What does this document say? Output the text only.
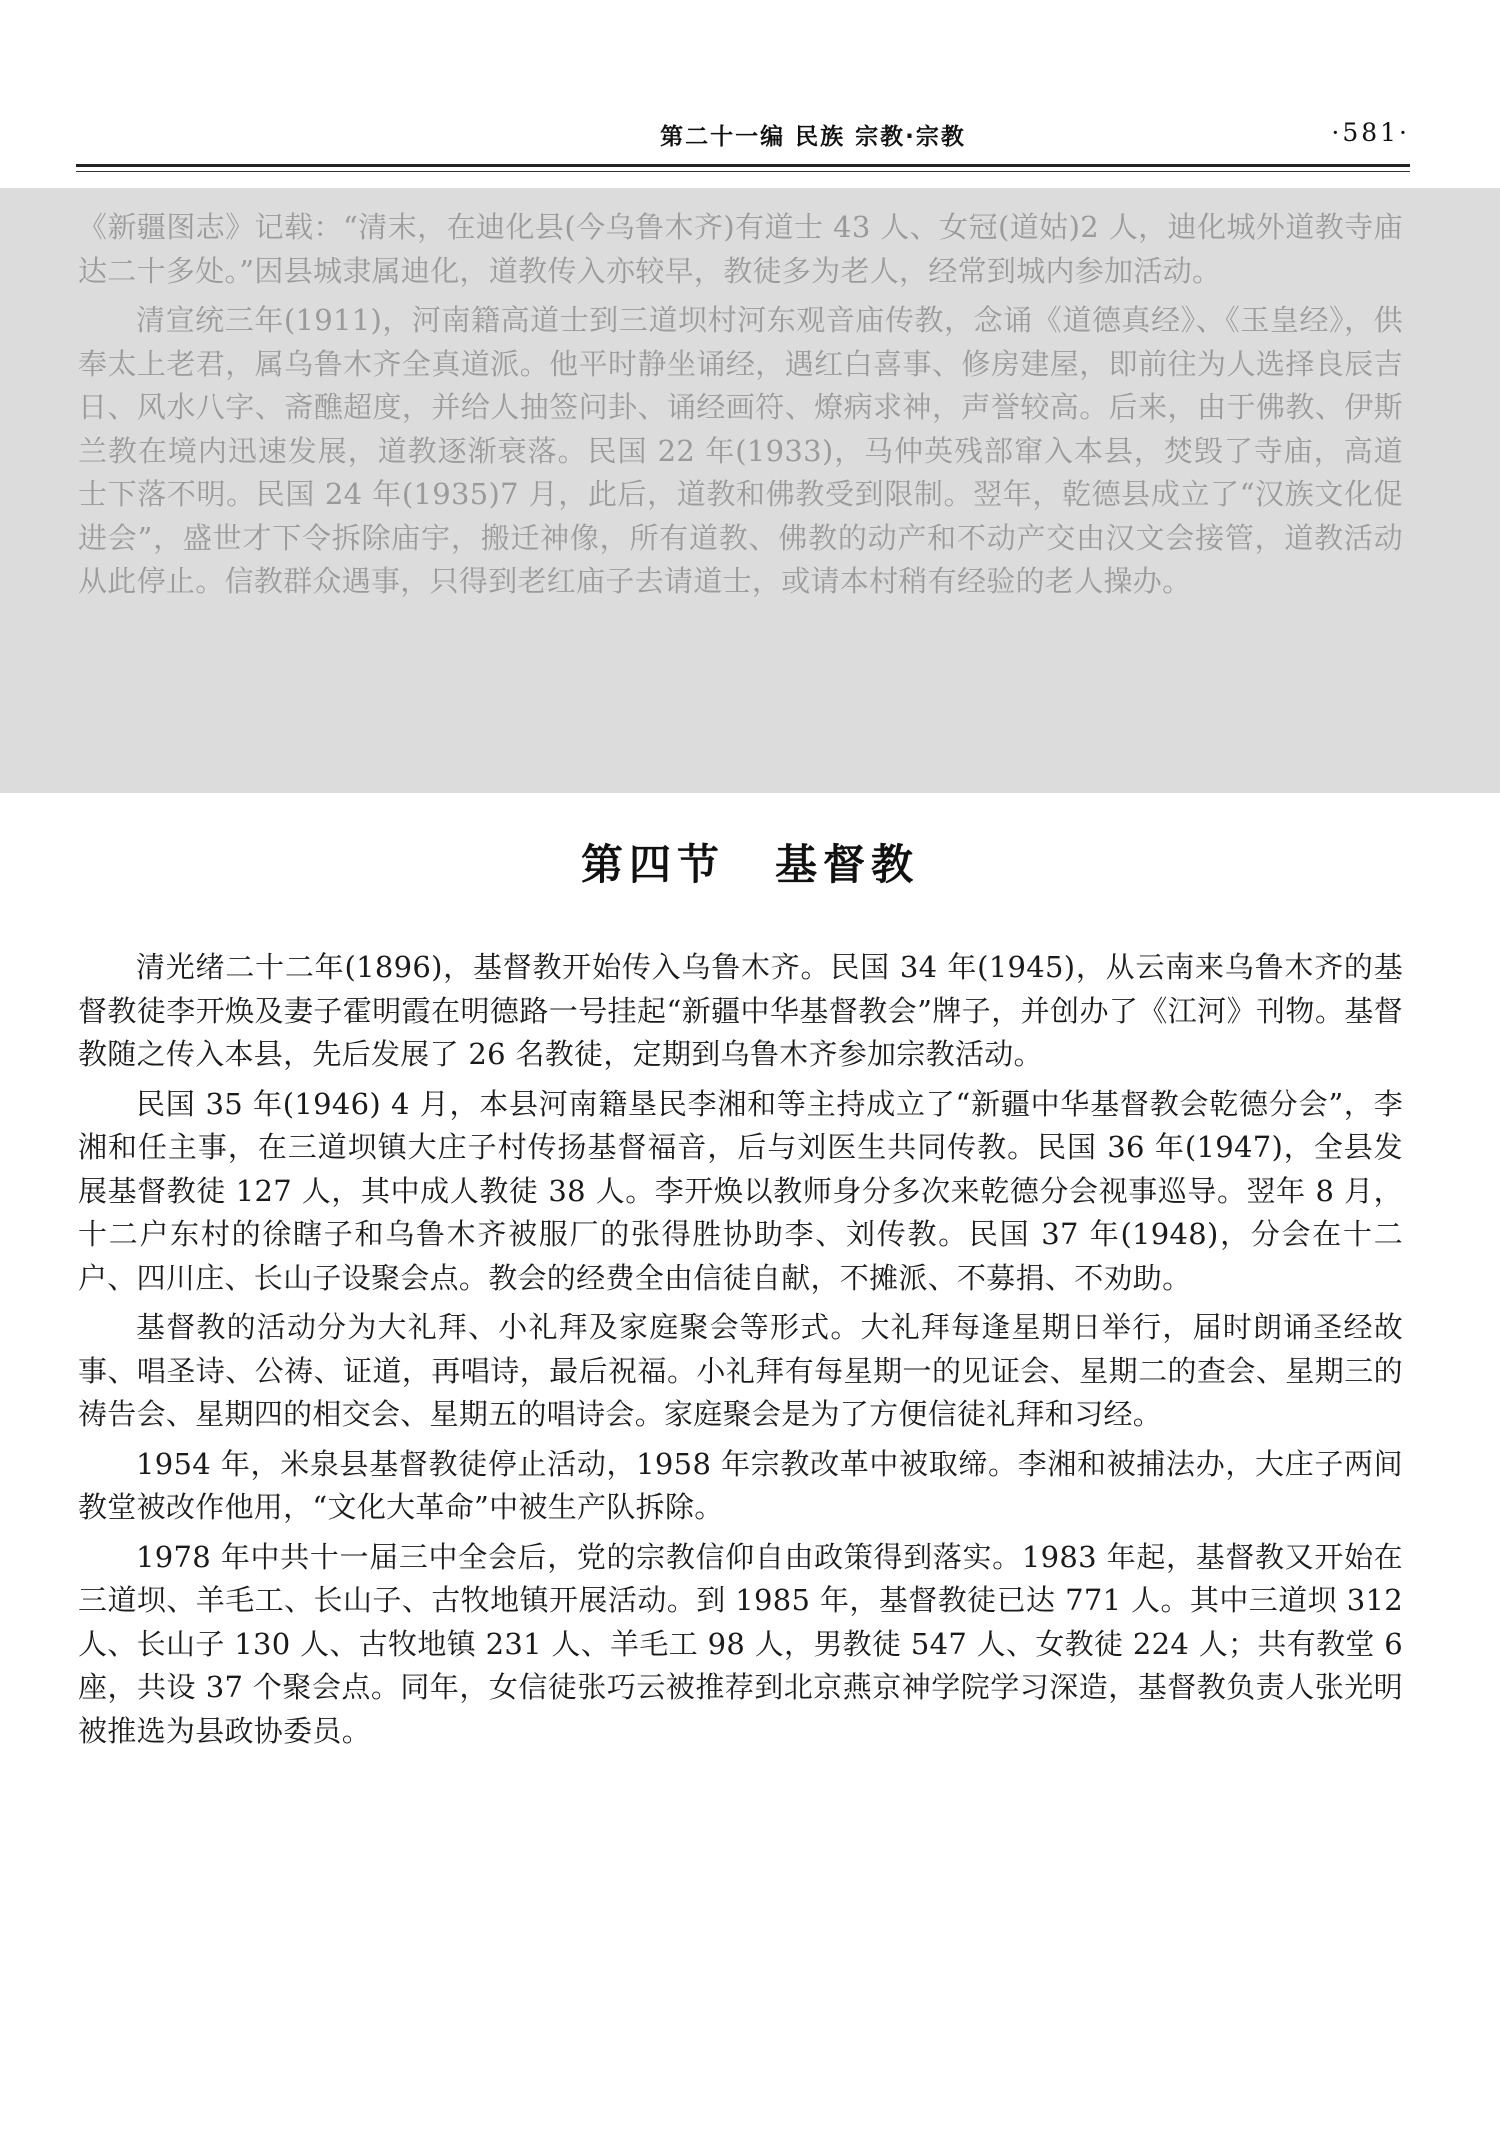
第二十一编 民族 宗教·宗教	·581·

《新疆图志》记载：“清末，在迪化县(今乌鲁木齐)有道士 43 人、女冠(道姑)2 人，迪化城外道教寺庙达二十多处。”因县城隶属迪化，道教传入亦较早，教徒多为老人，经常到城内参加活动。

清宣统三年(1911)，河南籍高道士到三道坝村河东观音庙传教，念诵《道德真经》、《玉皇经》，供奉太上老君，属乌鲁木齐全真道派。他平时静坐诵经，遇红白喜事、修房建屋，即前往为人选择良辰吉日、风水八字、斋醮超度，并给人抽签问卦、诵经画符、燎病求神，声誉较高。后来，由于佛教、伊斯兰教在境内迅速发展，道教逐渐衰落。民国 22 年(1933)，马仲英残部窜入本县，焚毁了寺庙，高道士下落不明。民国 24 年(1935)7 月，此后，道教和佛教受到限制。翌年，乾德县成立了“汉族文化促进会”，盛世才下令拆除庙宇，搬迁神像，所有道教、佛教的动产和不动产交由汉文会接管，道教活动从此停止。信教群众遇事，只得到老红庙子去请道士，或请本村稍有经验的老人操办。

第四节 基督教

清光绪二十二年(1896)，基督教开始传入乌鲁木齐。民国 34 年(1945)，从云南来乌鲁木齐的基督教徒李开焕及妻子霍明霞在明德路一号挂起“新疆中华基督教会”牌子，并创办了《江河》刊物。基督教随之传入本县，先后发展了 26 名教徒，定期到乌鲁木齐参加宗教活动。

民国 35 年(1946) 4 月，本县河南籍垦民李湘和等主持成立了“新疆中华基督教会乾德分会”，李湘和任主事，在三道坝镇大庄子村传扬基督福音，后与刘医生共同传教。民国 36 年(1947)，全县发展基督教徒 127 人，其中成人教徒 38 人。李开焕以教师身分多次来乾德分会视事巡导。翌年 8 月，十二户东村的徐瞎子和乌鲁木齐被服厂的张得胜协助李、刘传教。民国 37 年(1948)，分会在十二户、四川庄、长山子设聚会点。教会的经费全由信徒自献，不摊派、不募捐、不劝助。

基督教的活动分为大礼拜、小礼拜及家庭聚会等形式。大礼拜每逢星期日举行，届时朗诵圣经故事、唱圣诗、公祷、证道，再唱诗，最后祝福。小礼拜有每星期一的见证会、星期二的查会、星期三的祷告会、星期四的相交会、星期五的唱诗会。家庭聚会是为了方便信徒礼拜和习经。

1954 年，米泉县基督教徒停止活动，1958 年宗教改革中被取缔。李湘和被捕法办，大庄子两间教堂被改作他用，“文化大革命”中被生产队拆除。

1978 年中共十一届三中全会后，党的宗教信仰自由政策得到落实。1983 年起，基督教又开始在三道坝、羊毛工、长山子、古牧地镇开展活动。到 1985 年，基督教徒已达 771 人。其中三道坝 312 人、长山子 130 人、古牧地镇 231 人、羊毛工 98 人，男教徒 547 人、女教徒 224 人；共有教堂 6 座，共设 37 个聚会点。同年，女信徒张巧云被推荐到北京燕京神学院学习深造，基督教负责人张光明被推选为县政协委员。
